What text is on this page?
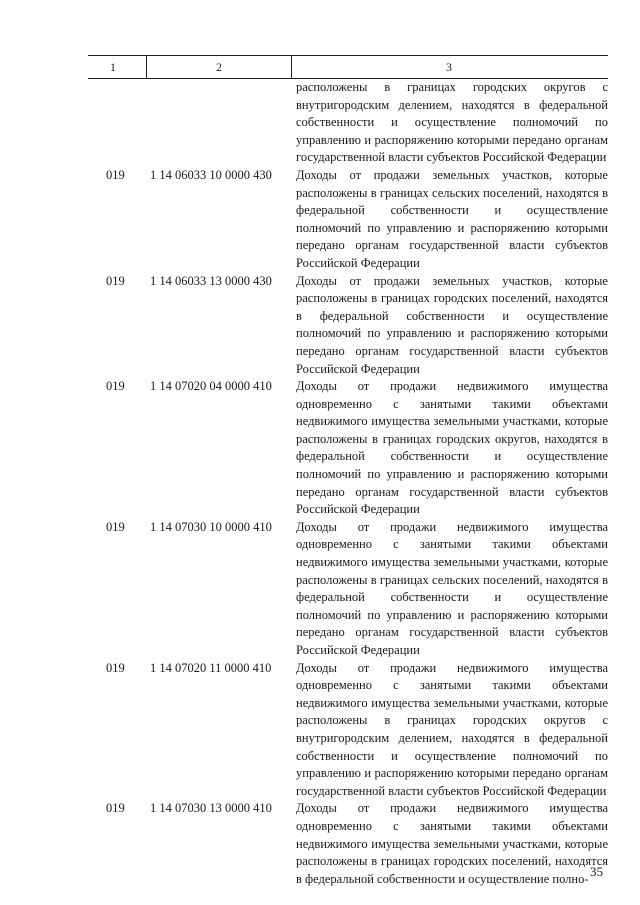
1	2	3
расположены в границах городских округов с внутригородским делением, находятся в федеральной собственности и осуществление полномочий по управлению и распоряжению которыми передано органам государственной власти субъектов Российской Федерации
019 1 14 06033 10 0000 430 Доходы от продажи земельных участков, которые расположены в границах сельских поселений, находятся в федеральной собственности и осуществление полномочий по управлению и распоряжению которыми передано органам государственной власти субъектов Российской Федерации
019 1 14 06033 13 0000 430 Доходы от продажи земельных участков, которые расположены в границах городских поселений, находятся в федеральной собственности и осуществление полномочий по управлению и распоряжению которыми передано органам государственной власти субъектов Российской Федерации
019 1 14 07020 04 0000 410 Доходы от продажи недвижимого имущества одновременно с занятыми такими объектами недвижимого имущества земельными участками, которые расположены в границах городских округов, находятся в федеральной собственности и осуществление полномочий по управлению и распоряжению которыми передано органам государственной власти субъектов Российской Федерации
019 1 14 07030 10 0000 410 Доходы от продажи недвижимого имущества одновременно с занятыми такими объектами недвижимого имущества земельными участками, которые расположены в границах сельских поселений, находятся в федеральной собственности и осуществление полномочий по управлению и распоряжению которыми передано органам государственной власти субъектов Российской Федерации
019 1 14 07020 11 0000 410 Доходы от продажи недвижимого имущества одновременно с занятыми такими объектами недвижимого имущества земельными участками, которые расположены в границах городских округов с внутригородским делением, находятся в федеральной собственности и осуществление полномочий по управлению и распоряжению которыми передано органам государственной власти субъектов Российской Федерации
019 1 14 07030 13 0000 410 Доходы от продажи недвижимого имущества одновременно с занятыми такими объектами недвижимого имущества земельными участками, которые расположены в границах городских поселений, находятся в федеральной собственности и осуществление полно- 35
